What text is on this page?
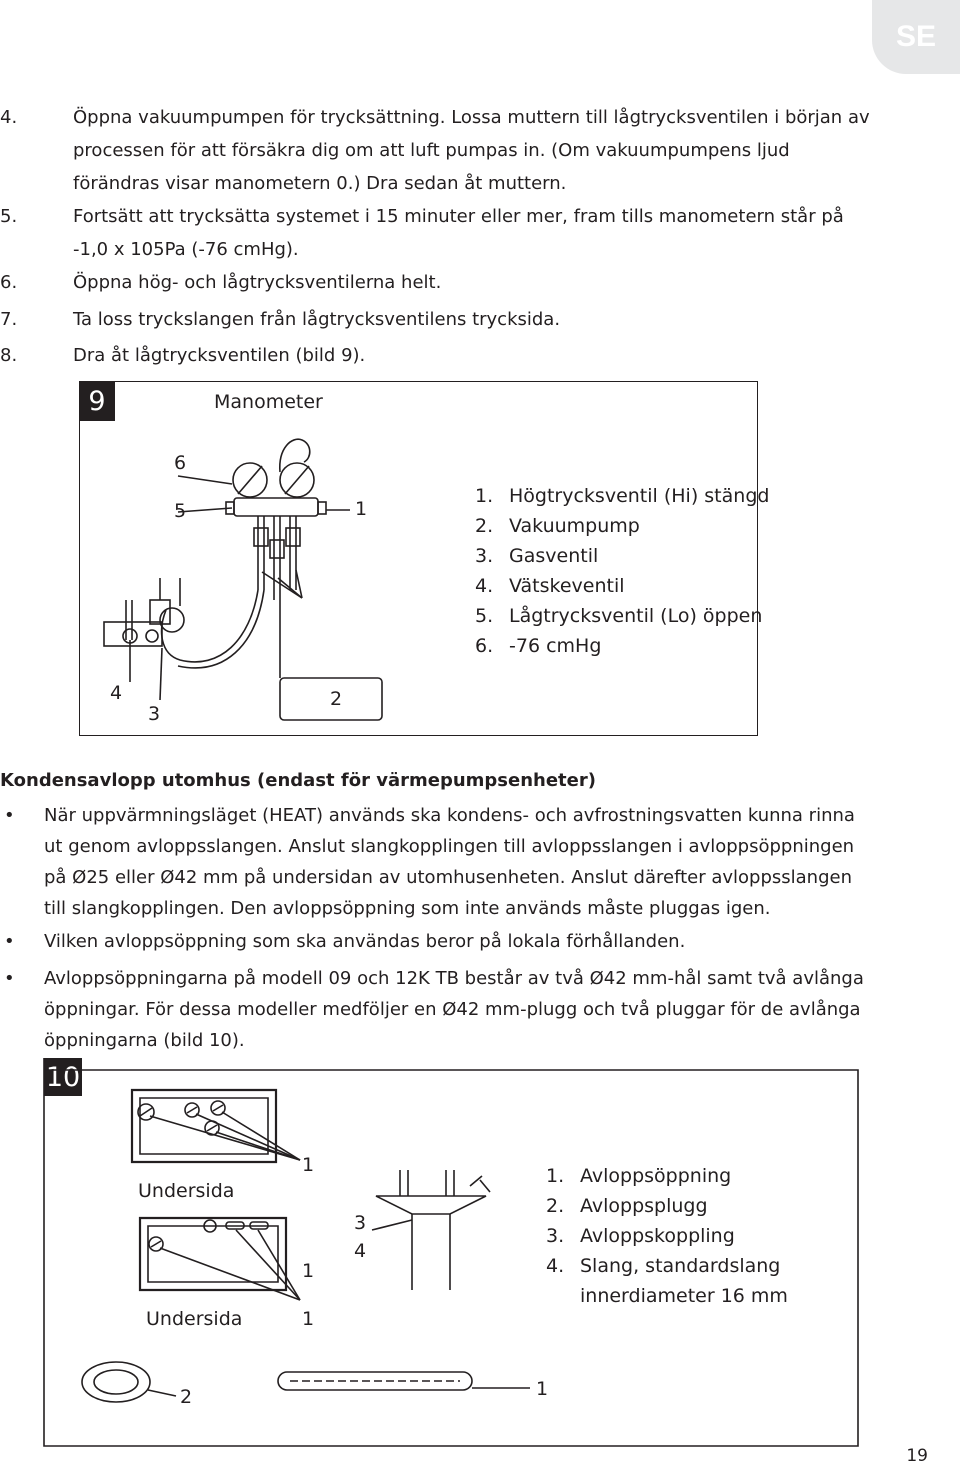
SE
4.	Öppna vakuumpumpen för trycksättning. Lossa muttern till lågtrycksventilen i början av processen för att försäkra dig om att luft pumpas in. (Om vakuumpumpens ljud förändras visar manometern 0.) Dra sedan åt muttern.
5.	Fortsätt att trycksätta systemet i 15 minuter eller mer, fram tills manometern står på -1,0 x 105Pa (-76 cmHg).
6.	Öppna hög- och lågtrycksventilerna helt.
7.	Ta loss tryckslangen från lågtrycksventilens trycksida.
8.	Dra åt lågtrycksventilen (bild 9).
9	Manometer
6
5	1
4
3
2
1. Högtrycksventil (Hi) stängd
2. Vakuumpump
3. Gasventil
4. Vätskeventil
5. Lågtrycksventil (Lo) öppen
6. -76 cmHg
Kondensavlopp utomhus (endast för värmepumpsenheter)
• När uppvärmningsläget (HEAT) används ska kondens- och avfrostningsvatten kunna rinna ut genom avloppsslangen. Anslut slangkopplingen till avloppsslangen i avloppsöppningen på Ø25 eller Ø42 mm på undersidan av utomhusenheten. Anslut därefter avloppsslangen till slangkopplingen. Den avloppsöppning som inte används måste pluggas igen.
• Vilken avloppsöppning som ska användas beror på lokala förhållanden.
• Avloppsöppningarna på modell 09 och 12K TB består av två Ø42 mm-hål samt två avlånga öppningar. För dessa modeller medföljer en Ø42 mm-plugg och två pluggar för de avlånga öppningarna (bild 10).
10
Undersida
Undersida
1
1
1
3
4
2	1
1. Avloppsöppning
2. Avloppsplugg
3. Avloppskoppling
4. Slang, standardslang
innerdiameter 16 mm
19
